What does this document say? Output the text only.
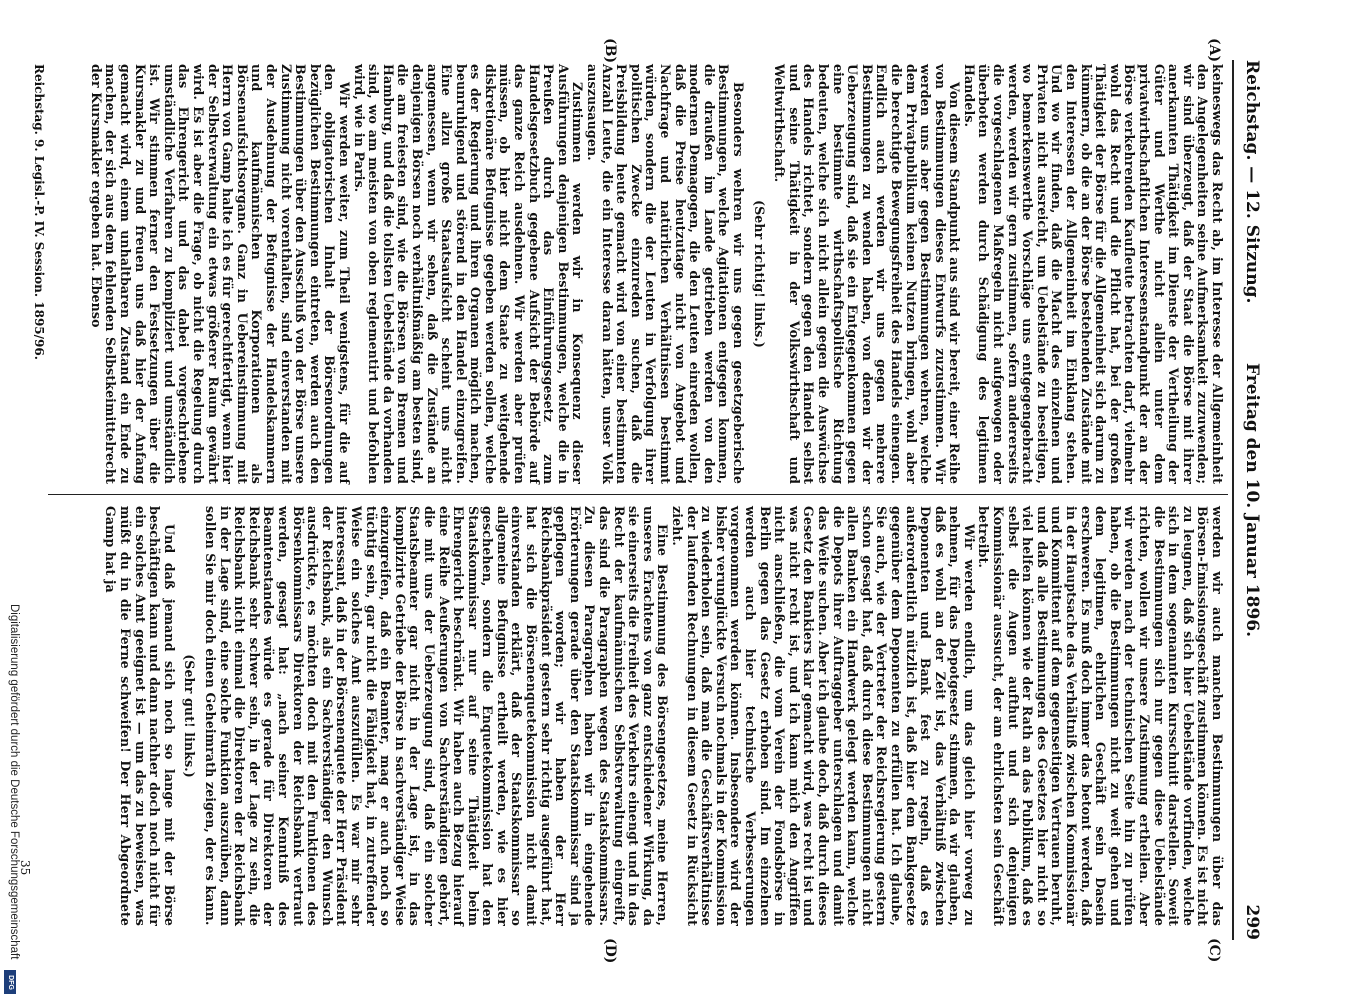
Reichstag. — 12. Sitzung.
Freitag den 10. Januar 1896.
299
(A)
(B)
(C)
(D)

keineswegs das Recht ab, im Interesse der Allgemeinheit den Angelegenheiten seine Aufmerksamkeit zuzuwenden; wir sind überzeugt, daß der Staat die Börse mit ihrer anerkannten Thätigkeit im Dienste der Vertheilung der Güter und Werthe nicht allein unter dem privatwirthschaftlichen Interessenstandpunkt der an der Börse verkehrenden Kaufleute betrachten darf, vielmehr wohl das Recht und die Pflicht hat, bei der großen Thätigkeit der Börse für die Allgemeinheit sich darum zu kümmern, ob die an der Börse bestehenden Zustände mit den Interessen der Allgemeinheit im Einklang stehen. Und wo wir finden, daß die Macht des einzelnen und Privaten nicht ausreicht, um Uebelstände zu beseitigen, wo bemerkenswerthe Vorschläge uns entgegengebracht werden, werden wir gern zustimmen, sofern andererseits die vorgeschlagenen Maßregeln nicht aufgewogen oder überboten werden durch Schädigung des legitimen Handels.

Von diesem Standpunkt aus sind wir bereit, einer Reihe von Bestimmungen dieses Entwurfs zuzustimmen. Wir werden uns aber gegen Bestimmungen wehren, welche dem Privatpublikum keinen Nutzen bringen, wohl aber die berechtigte Bewegungsfreiheit des Handels einengen. Endlich auch werden wir uns gegen mehrere Bestimmungen zu wenden haben, von denen wir der Ueberzeugung sind, daß sie ein Entgegenkommen gegen eine bestimmte wirthschaftspolitische Richtung bedeuten, welche sich nicht allein gegen die Auswüchse des Handels richtet, sondern gegen den Handel selbst und seine Thätigkeit in der Volkswirthschaft und Weltwirthschaft.

(Sehr richtig! links.)

Besonders wehren wir uns gegen gesetzgeberische Bestimmungen, welche Agitationen entgegen kommen, die draußen im Lande getrieben werden von den modernen Demagogen, die den Leuten einreden wollen, daß die Preise heutzutage nicht von Angebot und Nachfrage und natürlichen Verhältnissen bestimmt würden, sondern die der Leuten in Verfolgung ihrer politischen Zwecke einzureden suchen, daß die Preisbildung heute gemacht wird von einer bestimmten Anzahl Leute, die ein Interesse daran hätten, unser Volk auszusaugen.

Zustimmen werden wir in Konsequenz dieser Ausführungen denjenigen Bestimmungen, welche die in Preußen durch das Einführungsgesetz zum Handelsgesetzbuch gegebene Aufsicht der Behörde auf das ganze Reich ausdehnen. Wir werden aber prüfen müssen, ob hier nicht dem Staate zu weitgehende diskretionäre Befugnisse gegeben werden sollen, welche es der Regierung und ihren Organen möglich machen, beunruhigend und störend in den Handel einzugreifen. Eine allzu große Staatsaufsicht scheint uns nicht angemessen, wenn wir sehen, daß die Zustände an denjenigen Börsen noch verhältnißmäßig am besten sind, die am freiesten sind, wie die Börsen von Bremen und Hamburg, und daß die tollsten Uebelstände da vorhanden sind, wo am meisten von oben reglementirt und befohlen wird, wie in Paris.

Wir werden weiter, zum Theil wenigstens, für die auf den obligatorischen Inhalt der Börsenordnungen bezüglichen Bestimmungen eintreten, werden auch den Bestimmungen über den Ausschluß von der Börse unsere Zustimmung nicht vorenthalten, sind einverstanden mit der Ausdehnung der Befugnisse der Handelskammern und kaufmännischen Korporationen als Börsenaufsichtsorgane. Ganz in Uebereinstimmung mit Herrn von Gamp halte ich es für gerechtfertigt, wenn hier der Selbstverwaltung ein etwas größerer Raum gewährt wird. Es ist aber die Frage, ob nicht die Regelung durch das Ehrengericht und das dabei vorgeschriebene umständliche Verfahren zu kompliziert und umständlich ist. Wir stimmen ferner den Festsetzungen über die Kursmakler zu und freuen uns daß hier der Anfang gemacht wird, einem unhaltbaren Zustand ein Ende zu machen, der sich aus dem fehlenden Selbstkeimittelrecht der Kursmakler ergeben hat. Ebenso

werden wir auch manchen Bestimmungen über das Börsen-Emissionsgeschäft zustimmen können. Es ist nicht zu leugnen, daß sich hier Uebelstände vorfinden, welche sich in dem sogenannten Kursschnitt darstellen. Soweit die Bestimmungen sich nur gegen diese Uebelstände richten, wollen wir unsere Zustimmung ertheilen. Aber wir werden nach der technischen Seite hin zu prüfen haben, ob die Bestimmungen nicht zu weit gehen und dem legitimen, ehrlichen Geschäft sein Dasein erschweren. Es muß doch immer das betont werden, daß in der Hauptsache das Verhältniß zwischen Kommissionär und Kommittent auf dem gegenseitigen Vertrauen beruht, und daß alle Bestimmungen des Gesetzes hier nicht so viel helfen können wie der Rath an das Publikum, daß es selbst die Augen aufthut und sich denjenigen Kommissionär aussucht, der am ehrlichsten sein Geschäft betreibt.

Wir werden endlich, um das gleich hier vorweg zu nehmen, für das Depotgesetz stimmen, da wir glauben, daß es wohl an der Zeit ist, das Verhältniß zwischen Deponenten und Bank fest zu regeln, daß es außerordentlich nützlich ist, daß hier dem Bankgesetze gegenüber dem Deponenten zu erfüllen hat. Ich glaube, Sie auch, wie der Vertreter der Reichsregierung gestern schon gesagt hat, daß durch diese Bestimmungen nicht allen Banken ein Handwerk gelegt werden kann, welche die Depots ihrer Auftraggeber unterschlagen und damit das Weite suchen. Aber ich glaube doch, daß durch dieses Gesetz den Bankiers klar gemacht wird, was recht ist und was nicht recht ist, und ich kann mich den Angriffen nicht anschließen, die vom Verein der Fondsbörse in Berlin gegen das Gesetz erhoben sind. Im einzelnen werden auch hier technische Verbesserungen vorgenommen werden können. Insbesondere wird der bisher verunglückte Versuch nochmals in der Kommission zu wiederholen sein, daß man die Geschäftsverhältnisse der laufenden Rechnungen in diesem Gesetz in Rücksicht zieht.

Eine Bestimmung des Börsengesetzes, meine Herren, unseres Erachtens von ganz entschiedener Wirkung, da sie einerseits die Freiheit des Verkehrs einengt und in das Recht der kaufmännischen Selbstverwaltung eingreift, das sind die Paragraphen wegen des Staatskommissars. Zu diesen Paragraphen haben wir in eingehende Erörterungen gerade über den Staatskommissar sind ja gepflogen worden; wir haben der Herr Reichsbankpräsident gestern sehr richtig ausgeführt hat, hat sich die Börsenenquetekommission nicht damit einverstanden erklärt, daß der Staatskommissar so allgemeine Befugnisse ertheilt werden, wie es hier geschehen, sondern die Enquetekommission hat den Staatskommissar nur auf seine Thätigkeit beim Ehrengericht beschränkt. Wir haben auch Bezug hierauf eine Reihe Aeußerungen von Sachverständigen gehört, die mit uns der Ueberzeugung sind, daß ein solcher Staatsbeamter gar nicht in der Lage ist, in das komplizirte Getriebe der Börse in sachverständiger Weise einzugreifen, daß ein Beamter, mag er auch noch so tüchtig sein, gar nicht die Fähigkeit hat, in zutreffender Weise ein solches Amt auszufüllen. Es war mir sehr interessant, daß in der Börsenenquete der Herr Präsident der Reichsbank, als ein Sachverständiger den Wunsch ausdrückte, es möchten doch mit den Funktionen des Börsenkommissars Direktoren der Reichsbank vertraut werden, gesagt hat: „nach seiner Kenntniß des Beamtenstandes würde es gerade für Direktoren der Reichsbank sehr schwer sein, in der Lage zu sein, die Reichsbank nicht einmal die Direktoren der Reichsbank in der Lage sind, eine solche Funktion auszuüben, dann sollen Sie mir doch einen Geheimrath zeigen, der es kann.

(Sehr gut! links.)

Und daß jemand sich noch so lange mit der Börse beschäftigen kann und dann nachher doch noch nicht für ein solches Amt geeignet ist — um das zu beweisen, was müßt du in die Ferne schweifen! Der Herr Abgeordnete Gamp hat ja

Reichstag. 9. Legisl.-P. IV. Session. 1895/96.
35
Digitalisierung gefördert durch die Deutsche Forschungsgemeinschaft
DFG
